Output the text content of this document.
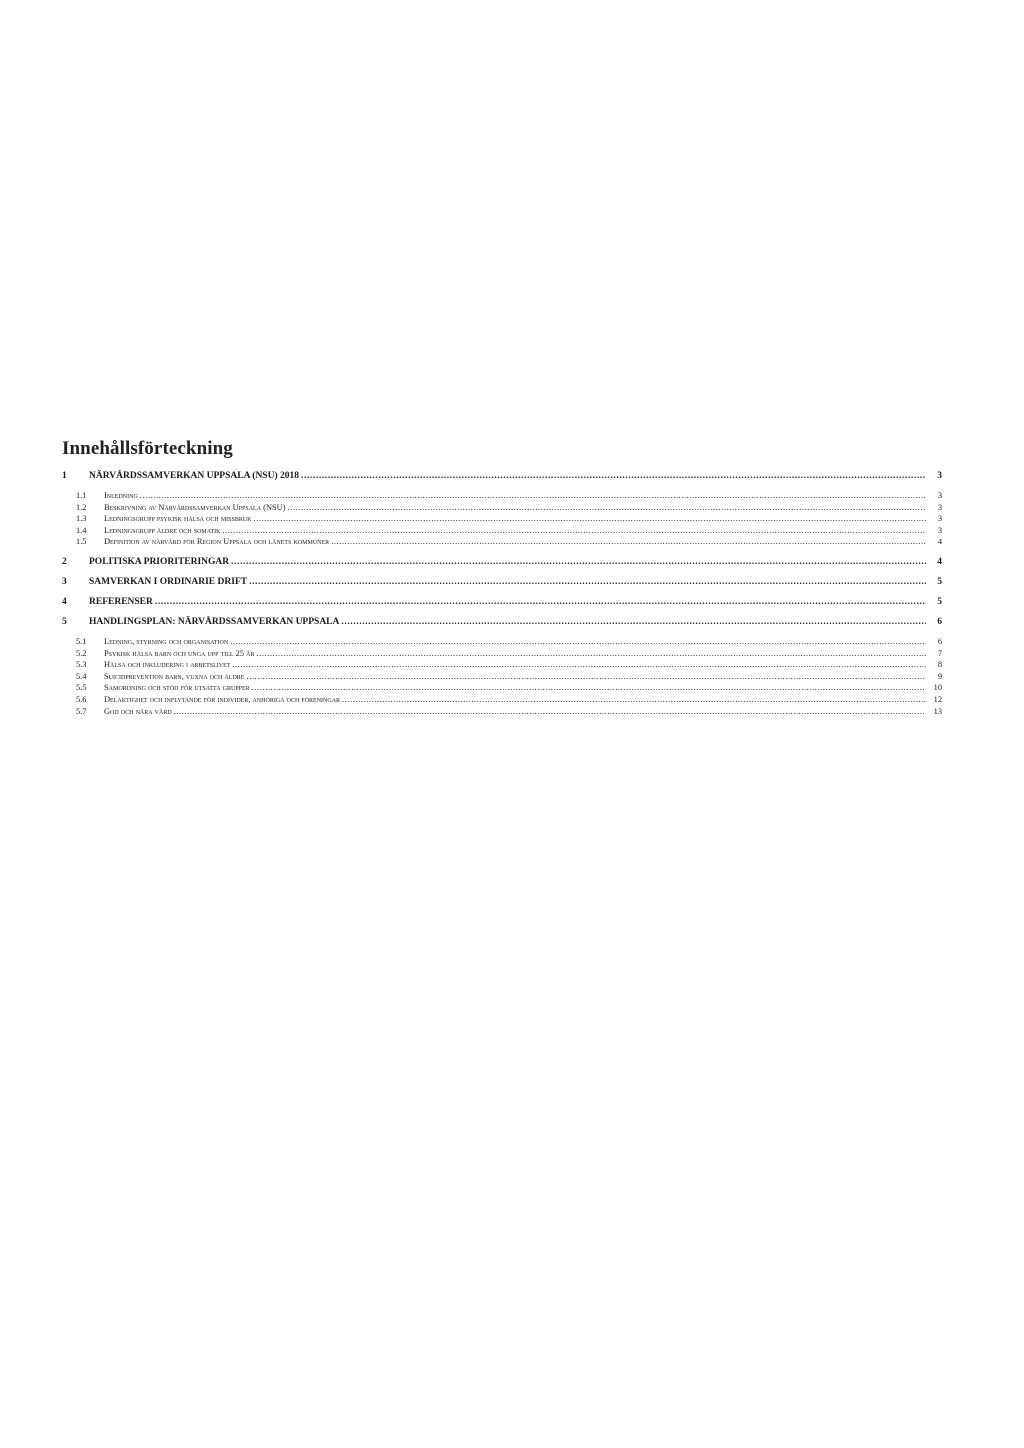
Innehållsförteckning
1	NÄRVÅRDSSAMVERKAN UPPSALA (NSU) 2018 .....	3
1.1	Inledning .....	3
1.2	Beskrivning av Närvårdssamverkan Uppsala (NSU) .....	3
1.3	Ledningsgrupp psykisk hälsa och missbruk .....	3
1.4	Ledningsgrupp äldre och somatik .....	3
1.5	Definition av närvård för Region Uppsala och länets kommuner .....	4
2	POLITISKA PRIORITERINGAR .....	4
3	SAMVERKAN I ORDINARIE DRIFT .....	5
4	REFERENSER .....	5
5	HANDLINGSPLAN: NÄRVÅRDSSAMVERKAN UPPSALA .....	6
5.1	Ledning, styrning och organisation .....	6
5.2	Psykisk hälsa barn och unga upp till 25 år .....	7
5.3	Hälsa och inkludering i arbetslivet .....	8
5.4	Suicidprevention barn, vuxna och äldre .....	9
5.5	Samordning och stöd för utsatta grupper .....	10
5.6	Delaktighet och inflytande för individer, anhöriga och föreningar .....	12
5.7	God och nära vård .....	13
